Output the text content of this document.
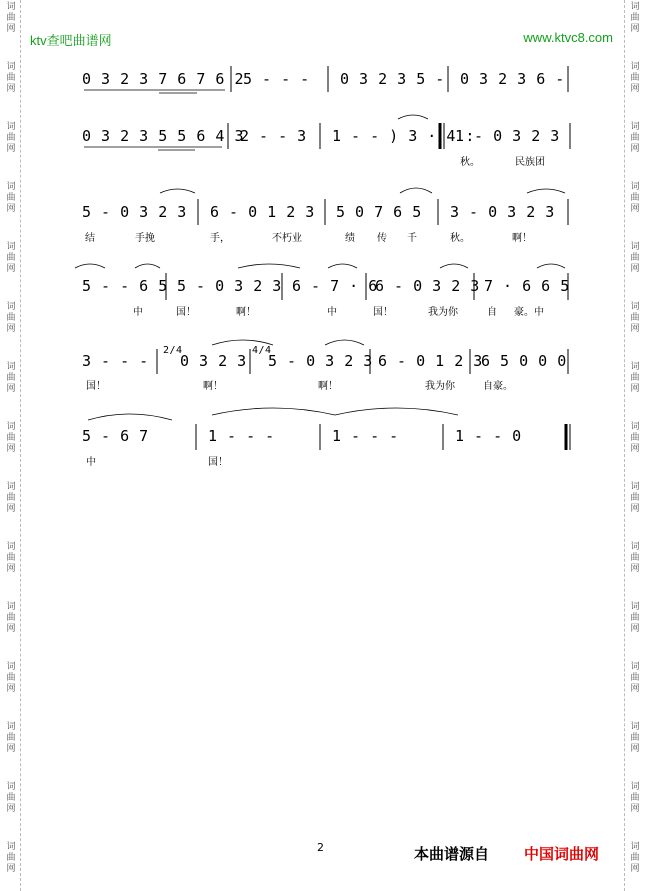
词
曲
网
词
曲
网
词
曲
网
词
曲
网
词
曲
网
词
曲
网
词
曲
网
词
曲
网
词
曲
网
词
曲
网
词
曲
网
词
曲
网
词
曲
网
词
曲
网
词
曲
网
词
曲
网
词
曲
网
词
曲
网
词
曲
网
词
曲
网
词
曲
网
词
曲
网
词
曲
网
词
曲
网
词
曲
网
词
曲
网
词
曲
网
词
曲
网
词
曲
网
词
曲
网
ktv查吧曲谱网	www.ktvc8.com
0 3 2 3 7 6 7 6 2
5 - - - 0 3 2 3 5 - 0 3 2 3 6 -
0 3 2 3 5 5 6 4 3
2 - - 3 1 - - ) 3 · 4 :
1 - 0 3 2 3
秋。	民族团
5 - 0 3 2 3 6 - 0 1 2 3 5 0 7 6 5 3 - 0 3 2 3
结	手挽	手，	不朽业	绩 传 千	秋。	啊！
5 - - 6 5 5 - 0 3 2 3 6 - 7 · 6
6 - 0 3 2 3 7 · 6 6 5
中	国！	啊！	中	国！	我为你	自 豪。中
3 - - -
2/4
0 3 2 3
4/4
5 - 0 3 2 3 6 - 0 1 2 3
6 5 0 0 0
国！	啊！	啊！	我为你	自豪。
5 - 6 7	1 - - -	1 - - -	1 - - 0
中	国！
2	本曲谱源自 中国词曲网
